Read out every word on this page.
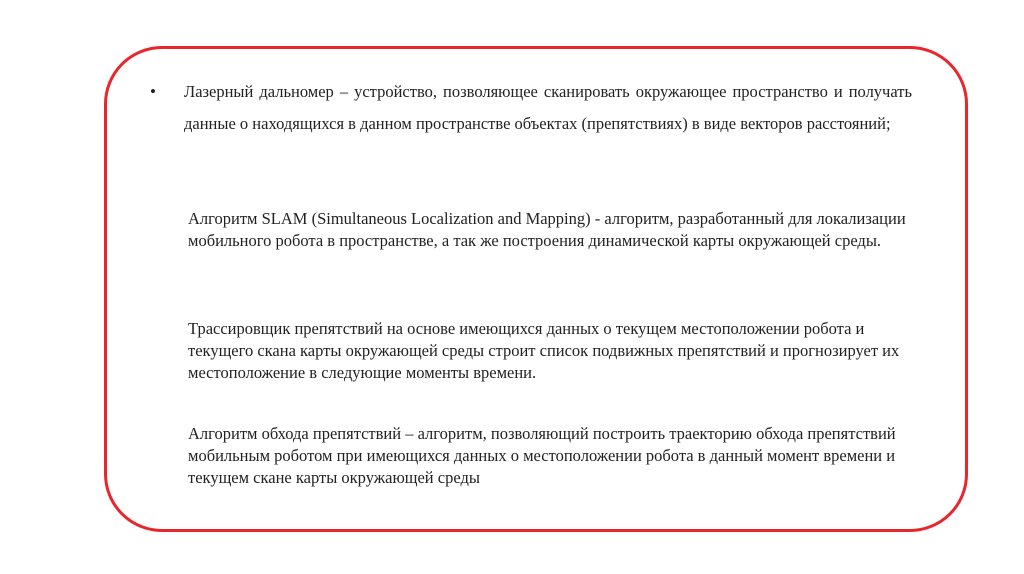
• Лазерный дальномер – устройство, позволяющее сканировать окружающее пространство и получать данные о находящихся в данном пространстве объектах (препятствиях) в виде векторов расстояний;
Алгоритм SLAM (Simultaneous Localization and Mapping) - алгоритм, разработанный для локализации мобильного робота в пространстве, а так же построения динамической карты окружающей среды.
Трассировщик препятствий на основе имеющихся данных о текущем местоположении робота и текущего скана карты окружающей среды строит список подвижных препятствий и прогнозирует их местоположение в следующие моменты времени.
Алгоритм обхода препятствий – алгоритм, позволяющий построить траекторию обхода препятствий мобильным роботом при имеющихся данных о местоположении робота в данный момент времени и текущем скане карты окружающей среды
